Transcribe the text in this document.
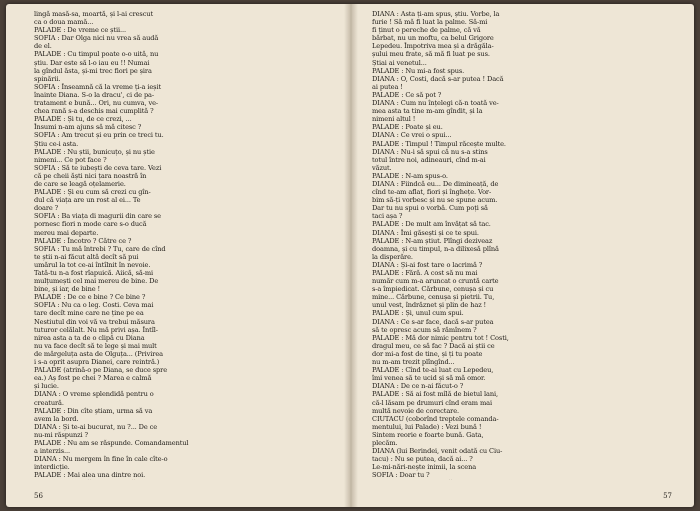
lingă masă-sa, moartă, și l-ai crescut
ca o doua mamă...
PALADE : De vreme ce știi...
SOFIA : Dar Olga nici nu vrea să audă
de el.
PALADE : Cu timpul poate o-o uită, nu
știu. Dar este să l-o iau eu !! Numai
la gîndul ăsta, și-mi trec fiori pe șira
spinării.
SOFIA : Înseamnă că la vreme ți-a ieșit
înainte Diana. S-o la dracu', ci de pa-
tratament e bună... Ori, nu cumva, ve-
chea rană s-a deschis mai cumplită ?
PALADE : Și tu, de ce crezi, ...
Însumi n-am ajuns să mă citesc ?
SOFIA : Am trecut și eu prin ce treci tu.
Știu ce-i asta.
PALADE : Nu știi, bunicuțo, și nu știe
nimeni... Ce pot face ?
SOFIA : Să te iubești de ceva tare. Vezi
că pe cheii ăști nici țara noastră în
de care se leagă oțelamerie.
PALADE : Și eu cum să crezi cu gîn-
dul că viața are un rost al ei... Te
doare ?
SOFIA : Ba viața di magurii din care se
pornesc fiori n mode care s-o ducă
mereu mai departe.
PALADE : Încotro ? Către ce ?
SOFIA : Tu mă întrebi ? Tu, care de cînd
te știi n-ai făcut altă decît să pui
umărul la tot ce-ai întîlnit în nevoie.
Tată-tu n-a fost rîapuică. Aiică, să-mi
mulțumești cel mai mereu de bine. De
bine, și iar, de bine !
PALADE : De ce e bine ? Ce bine ?
SOFIA : Nu ca o leg. Costi. Ceva mai
tare decît mine care ne ține pe ea
Nestiutul din voi vă va trebui măsura
tuturor celălalt. Nu mă privi așa. Întîl-
nirea asta a ta de o clipă cu Diana
nu va face decît să te lege și mai mult
de mărgeluța asta de Olguța... (Privirea
i s-a oprit asupra Dianei, care reintră.)
PALADE (atrină-o pe Diana, se duce spre
ea.) Aș fost pe chei ? Marea e calmă
și lucie.
DIANA : O vreme splendidă pentru o
creatură.
PALADE : Din cîte știam, urma să va
avem la bord.
DIANA : Și te-ai bucurat, nu ?... De ce
nu-mi răspunzi ?
PALADE : Nu am se răspunde. Comandamentul
a interzis...
DIANA : Nu mergem în fine în cale cîte-o
interdicție.
PALADE : Mai alea una dintre noi.
56
DIANA : Asta ți-am spus, știu. Vorbe, la
furie ! Să mă fi luat la palme. Să-mi
fi ținut o pereche de palme, că vă
bărbat, nu un moftu, ca belul Grigore
Lepedeu. Împotriva mea și a drăgăla-
șului meu frate, să mă fi luat pe sus.
Știai ai venetul...
PALADE : Nu mi-a fost spus.
DIANA : O, Costi, dacă s-ar putea ! Dacă
ai putea !
PALADE : Ce să pot ?
DIANA : Cum nu înțelegi că-n toată ve-
mea asta ta tine m-am gîndit, și la
nimeni altul !
PALADE : Poate și eu.
DIANA : Ce vrei o spui...
PALADE : Timpul ! Timpul răcește multe.
DIANA : Nu-i să spui că nu s-a stins
totul între noi, adineauri, cînd m-ai
văzut.
PALADE : N-am spus-o.
DIANA : Fiindcă eu... De dimineață, de
cînd te-am aflat, fiori și înghețe. Vor-
bim să-ți vorbesc și nu se spune acum.
Dar tu nu spui o vorbă. Cum poți să
taci așa ?
PALADE : De mult am învățat să tac.
DIANA : Îmi găsești și ce te spui.
PALADE : N-am știut. Plîngi deziveaz
doamna, și cu timpul, n-a dilixesă plînă
la disperăre.
DIANA : Și-ai fost tare o lacrimă ?
PALADE : Fără. A cost să nu mai
număr cum m-a aruncat o cruntă carte
s-a împiedicat. Cărbune, cenușa și cu
mine... Cărbune, cenușa și pietrii. Tu,
unul vest, îndrăznet și plin de haz !
PALADE : Și, unul cum spui.
DIANA : Ce s-ar face, dacă s-ar putea
să te opresc acum să rămînem ?
PALADE : Mă dor nimic pentru tot ! Costi,
dragul meu, ce să fac ? Dacă ai știi ce
dor mi-a fost de tine, și ți tu poate
nu m-am trezit plîngînd...
PALADE : Cînd te-ai luat cu Lepedeu,
îmi venea să te ucid și să mă omor.
DIANA : De ce n-ai făcut-o ?
PALADE : Să ai fost mîlă de bietul lani,
că-l lăsam pe drumuri cînd eram mai
multă nevoie de corectare.
CIUTACU (coborînd treptele comanda-
mentului, lui Palade) : Vezi bună !
Sintem reorie e foarte bună. Gata,
plecăm.
DIANA (lui Berindei, venit odată cu Ciu-
tacu) : Nu se putea, dacă ai... ?
Le-mi-nări-nește inimii, la scena
SOFIA : Doar tu ?
57
